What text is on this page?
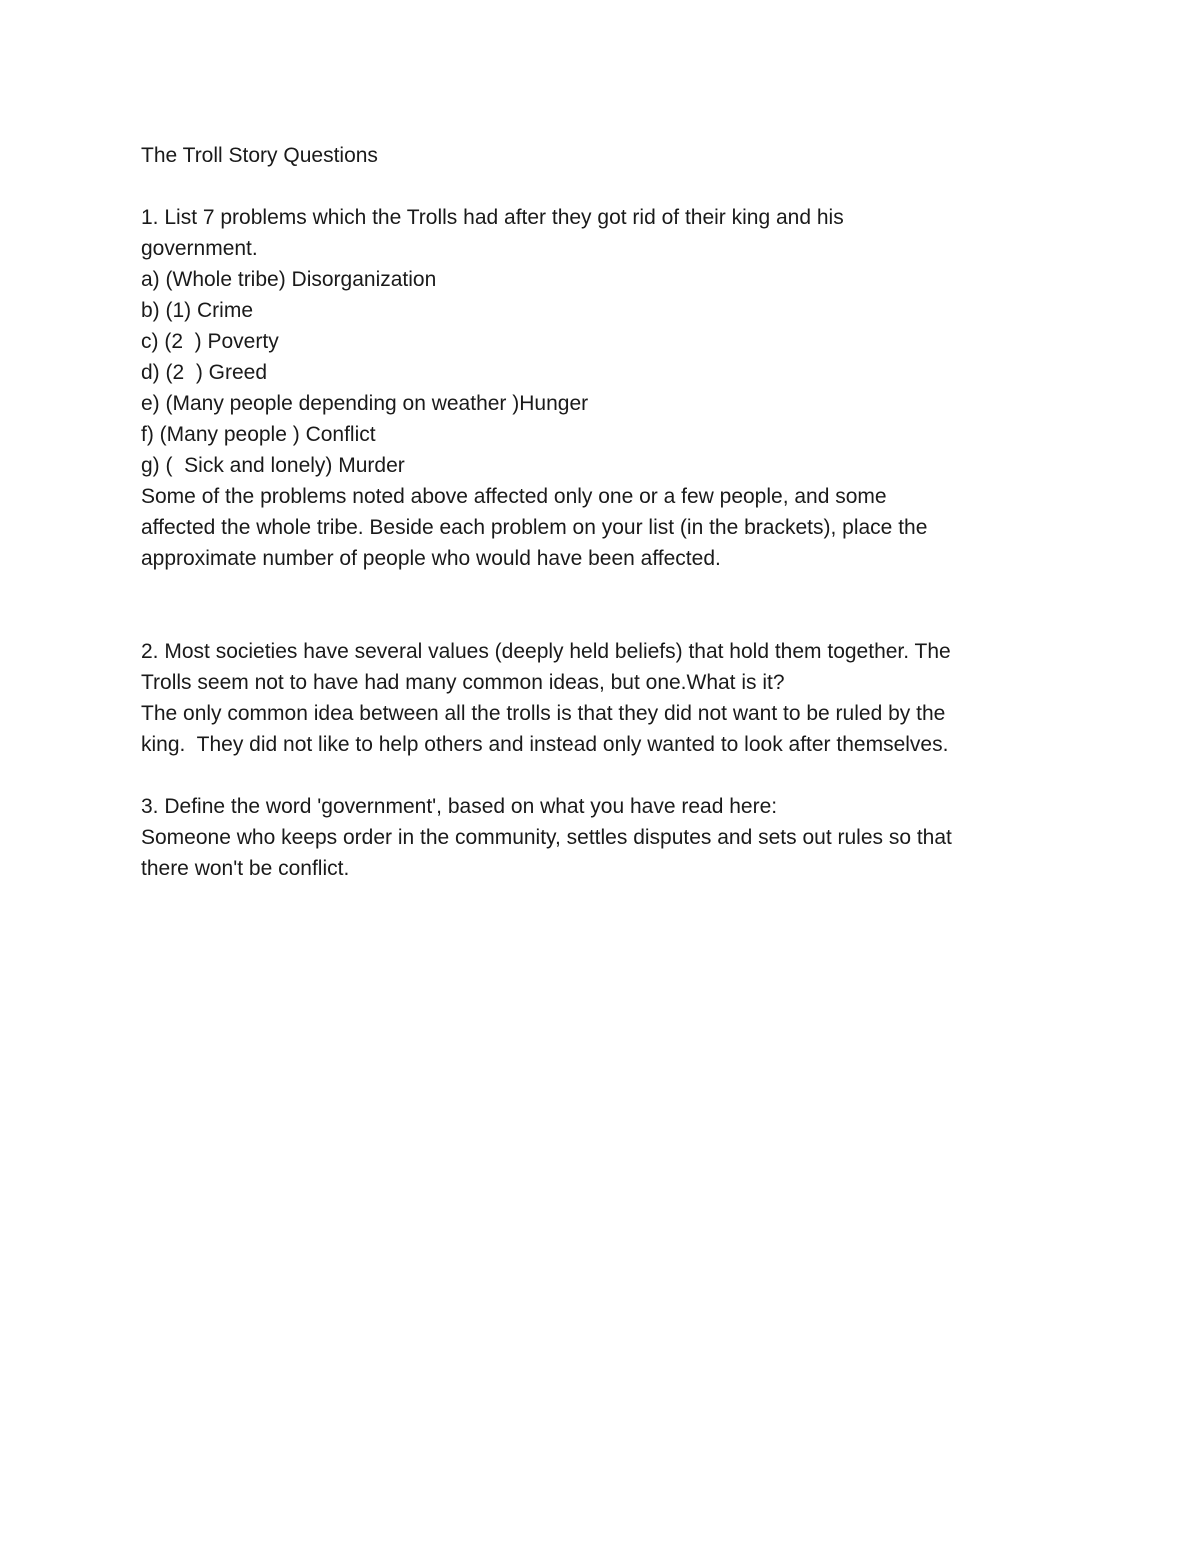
The Troll Story Questions

1. List 7 problems which the Trolls had after they got rid of their king and his

government.

a) (Whole tribe) Disorganization

b) (1) Crime

c) (2  ) Poverty

d) (2  ) Greed

e) (Many people depending on weather )Hunger

f) (Many people ) Conflict

g) (  Sick and lonely) Murder

Some of the problems noted above affected only one or a few people, and some

affected the whole tribe. Beside each problem on your list (in the brackets), place the

approximate number of people who would have been affected.

2. Most societies have several values (deeply held beliefs) that hold them together. The

Trolls seem not to have had many common ideas, but one.What is it?

The only common idea between all the trolls is that they did not want to be ruled by the

king.  They did not like to help others and instead only wanted to look after themselves.

3. Define the word 'government', based on what you have read here:

Someone who keeps order in the community, settles disputes and sets out rules so that

there won't be conflict.
